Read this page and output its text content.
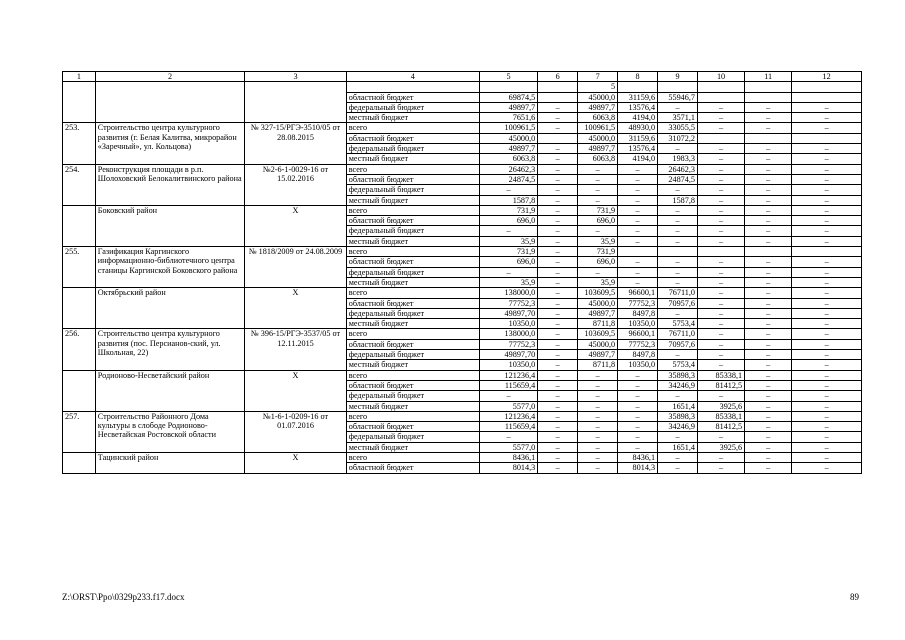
1	2	3	4	5	6	7	8	9	10	11	12
						5					
			областной бюджет	69874,5		45000,0	31159,6	55946,7			
			федеральный бюджет	49897,7	–	49897,7	13576,4	–	–	–	–
			местный бюджет	7651,6	–	6063,8	4194,0	3571,1	–	–	–
253.	Строительство центра культурного развития (г. Белая Калитва, микрорайон «Заречный», ул. Кольцова)	№ 327-15/РГЭ-3510/05 от 28.08.2015	всего	100961,5	–	100961,5	48930,0	33055,5	–	–	–
			областной бюджет	45000,0		45000,0	31159,6	31072,2			
			федеральный бюджет	49897,7	–	49897,7	13576,4	–	–	–	–
			местный бюджет	6063,8	–	6063,8	4194,0	1983,3	–	–	–
254.	Реконструкция площади в р.п. Шолоховский Белокалитвинского района	№2-6-1-0029-16 от 15.02.2016	всего	26462,3	–	–	–	26462,3	–	–	–
			областной бюджет	24874,5	–	–	–	24874,5	–	–	–
			федеральный бюджет	–	–	–	–	–	–	–	–
			местный бюджет	1587,8	–	–	–	1587,8	–	–	–
	Боковский район	Х	всего	731,9	–	731,9	–	–	–	–	–
			областной бюджет	696,0	–	696,0	–	–	–	–	–
			федеральный бюджет	–	–	–	–	–	–	–	–
			местный бюджет	35,9	–	35,9	–	–	–	–	–
255.	Газификация Каргинского информационно-библиотечного центра станицы Каргинской Боковского района	№ 1818/2009 от 24.08.2009	всего	731,9	–	731,9					
			областной бюджет	696,0	–	696,0	–	–	–	–	–
			федеральный бюджет	–	–	–	–	–	–	–	–
			местный бюджет	35,9	–	35,9	–	–	–	–	–
	Октябрьский район	Х	всего	138000,0	–	103609,5	96600,1	76711,0	–	–	–
			областной бюджет	77752,3	–	45000,0	77752,3	70957,6	–	–	–
			федеральный бюджет	49897,70	–	49897,7	8497,8	–	–	–	–
			местный бюджет	10350,0	–	8711,8	10350,0	5753,4	–	–	–
256.	Строительство центра культурного развития (пос. Персианов-ский, ул. Школьная, 22)	№ 396-15/РГЭ-3537/05 от 12.11.2015	всего	138000,0	–	103609,5	96600,1	76711,0	–	–	–
			областной бюджет	77752,3	–	45000,0	77752,3	70957,6	–	–	–
			федеральный бюджет	49897,70	–	49897,7	8497,8	–	–	–	–
			местный бюджет	10350,0	–	8711,8	10350,0	5753,4	–	–	–
	Родионово-Несветайский район	Х	всего	121236,4	–	–	–	35898,3	85338,1	–	–
			областной бюджет	115659,4	–	–	–	34246,9	81412,5	–	–
			федеральный бюджет	–	–	–	–	–	–	–	–
			местный бюджет	5577,0	–	–	–	1651,4	3925,6	–	–
257.	Строительство Районного Дома культуры в слободе Родионово-Несветайская Ростовской области	№1-6-1-0209-16 от 01.07.2016	всего	121236,4	–	–	–	35898,3	85338,1	–	–
			областной бюджет	115659,4	–	–	–	34246,9	81412,5	–	–
			федеральный бюджет	–	–	–	–	–	–	–	–
			местный бюджет	5577,0	–	–	–	1651,4	3925,6	–	–
	Тацинский район	Х	всего	8436,1	–	–	8436,1	–	–	–	–
			областной бюджет	8014,3	–	–	8014,3	–	–	–	–
Z:\ORST\Ppo\0329p233.f17.docx	89
